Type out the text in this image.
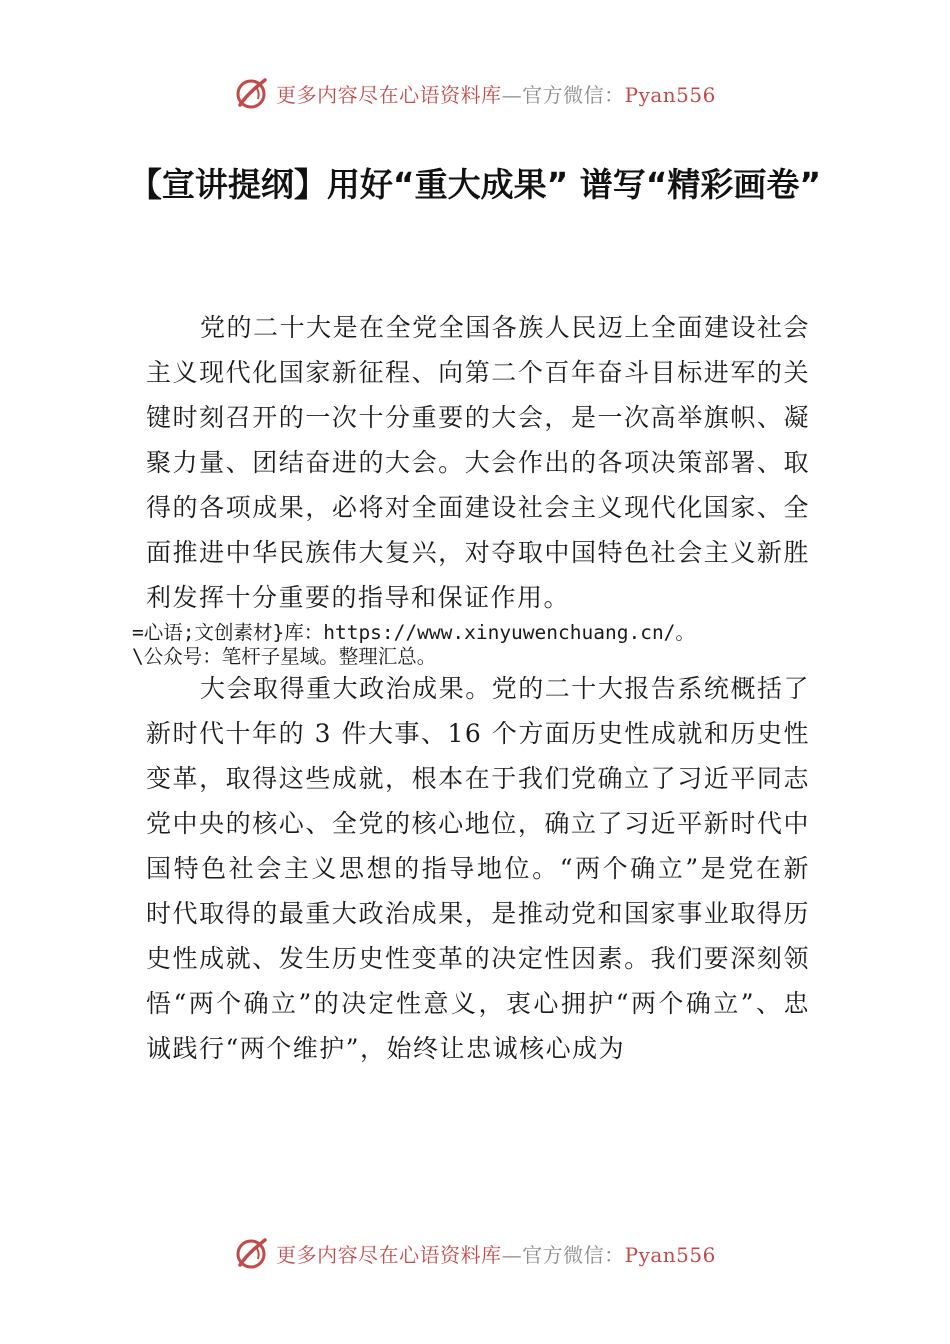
更多内容尽在心语资料库—官方微信：Pyan556
【宣讲提纲】用好“重大成果” 谱写“精彩画卷”

党的二十大是在全党全国各族人民迈上全面建设社会主义现代化国家新征程、向第二个百年奋斗目标进军的关键时刻召开的一次十分重要的大会，是一次高举旗帜、凝聚力量、团结奋进的大会。大会作出的各项决策部署、取得的各项成果，必将对全面建设社会主义现代化国家、全面推进中华民族伟大复兴，对夺取中国特色社会主义新胜利发挥十分重要的指导和保证作用。

=心语;文创素材}库：https://www.xinyuwenchuang.cn/。
\公众号：笔杆子星域。整理汇总。

大会取得重大政治成果。党的二十大报告系统概括了新时代十年的 3 件大事、16 个方面历史性成就和历史性变革，取得这些成就，根本在于我们党确立了习近平同志党中央的核心、全党的核心地位，确立了习近平新时代中国特色社会主义思想的指导地位。“两个确立”是党在新时代取得的最重大政治成果，是推动党和国家事业取得历史性成就、发生历史性变革的决定性因素。我们要深刻领悟“两个确立”的决定性意义，衷心拥护“两个确立”、忠诚践行“两个维护”，始终让忠诚核心成为

更多内容尽在心语资料库—官方微信：Pyan556
